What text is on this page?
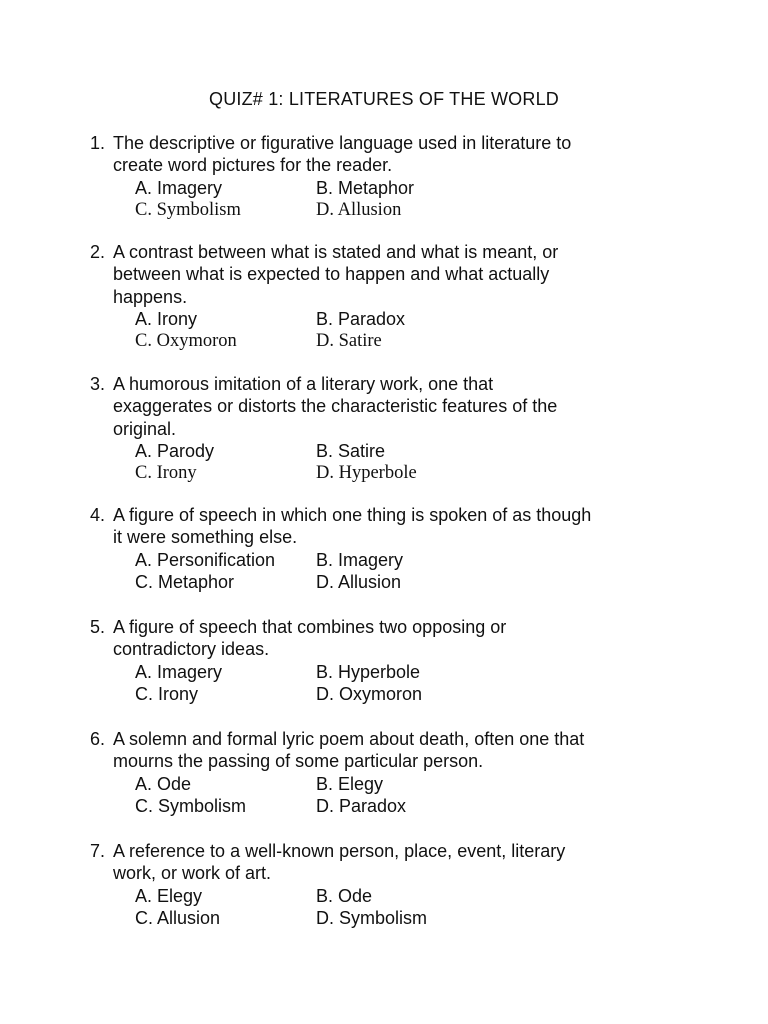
QUIZ# 1: LITERATURES OF THE WORLD
1. The descriptive or figurative language used in literature to
create word pictures for the reader.
A. Imagery	B. Metaphor
C. Symbolism	D. Allusion
2. A contrast between what is stated and what is meant, or
between what is expected to happen and what actually
happens.
A. Irony	B. Paradox
C. Oxymoron	D. Satire
3. A humorous imitation of a literary work, one that
exaggerates or distorts the characteristic features of the
original.
A. Parody	B. Satire
C. Irony	D. Hyperbole
4. A figure of speech in which one thing is spoken of as though
it were something else.
A. Personification	B. Imagery
C. Metaphor	D. Allusion
5. A figure of speech that combines two opposing or
contradictory ideas.
A. Imagery	B. Hyperbole
C. Irony	D. Oxymoron
6. A solemn and formal lyric poem about death, often one that
mourns the passing of some particular person.
A. Ode	B. Elegy
C. Symbolism	D. Paradox
7. A reference to a well-known person, place, event, literary
work, or work of art.
A. Elegy	B. Ode
C. Allusion	D. Symbolism
